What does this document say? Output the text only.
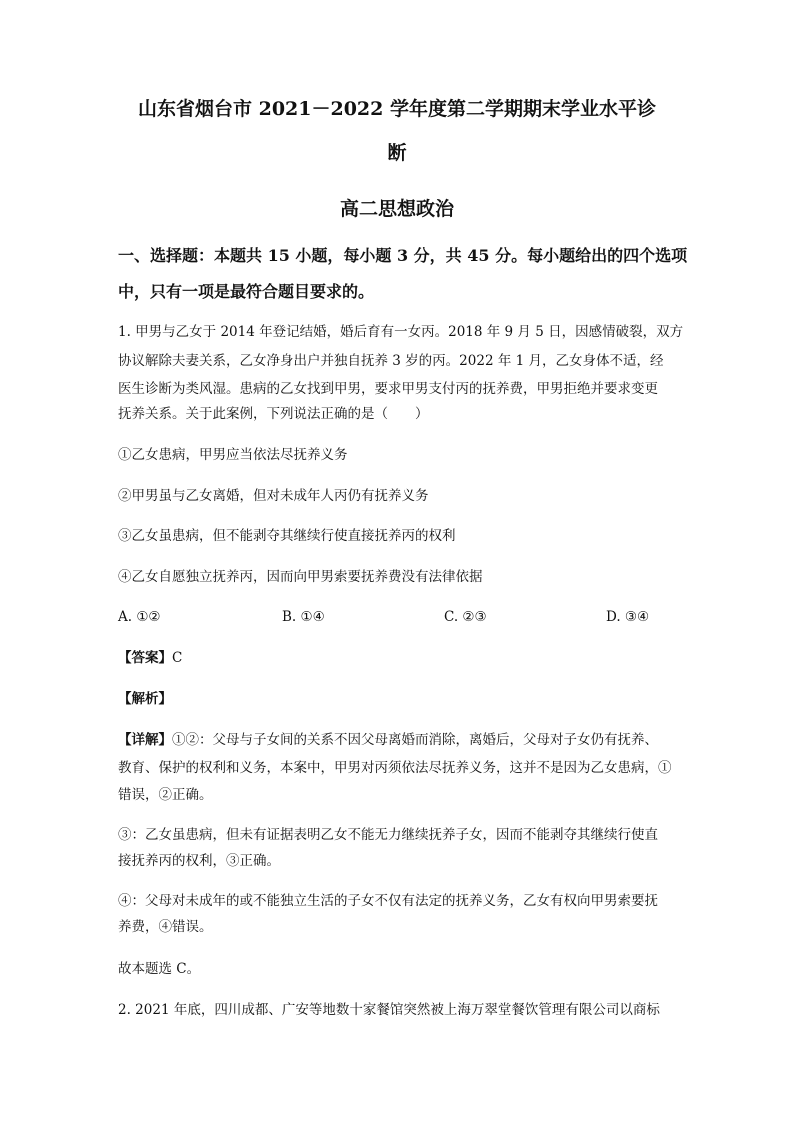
山东省烟台市 2021－2022 学年度第二学期期末学业水平诊
断
高二思想政治
一、选择题：本题共 15 小题，每小题 3 分，共 45 分。每小题给出的四个选项
中，只有一项是最符合题目要求的。
1. 甲男与乙女于 2014 年登记结婚，婚后育有一女丙。2018 年 9 月 5 日，因感情破裂，双方
协议解除夫妻关系，乙女净身出户并独自抚养 3 岁的丙。2022 年 1 月，乙女身体不适，经
医生诊断为类风湿。患病的乙女找到甲男，要求甲男支付丙的抚养费，甲男拒绝并要求变更
抚养关系。关于此案例，下列说法正确的是（　　）
①乙女患病，甲男应当依法尽抚养义务
②甲男虽与乙女离婚，但对未成年人丙仍有抚养义务
③乙女虽患病，但不能剥夺其继续行使直接抚养丙的权利
④乙女自愿独立抚养丙，因而向甲男索要抚养费没有法律依据
A. ①②	B. ①④	C. ②③	D. ③④
【答案】C
【解析】
【详解】①②：父母与子女间的关系不因父母离婚而消除，离婚后，父母对子女仍有抚养、
教育、保护的权利和义务，本案中，甲男对丙须依法尽抚养义务，这并不是因为乙女患病，①
错误，②正确。
③：乙女虽患病，但未有证据表明乙女不能无力继续抚养子女，因而不能剥夺其继续行使直
接抚养丙的权利，③正确。
④：父母对未成年的或不能独立生活的子女不仅有法定的抚养义务，乙女有权向甲男索要抚
养费，④错误。
故本题选 C。
2. 2021 年底，四川成都、广安等地数十家餐馆突然被上海万翠堂餐饮管理有限公司以商标
